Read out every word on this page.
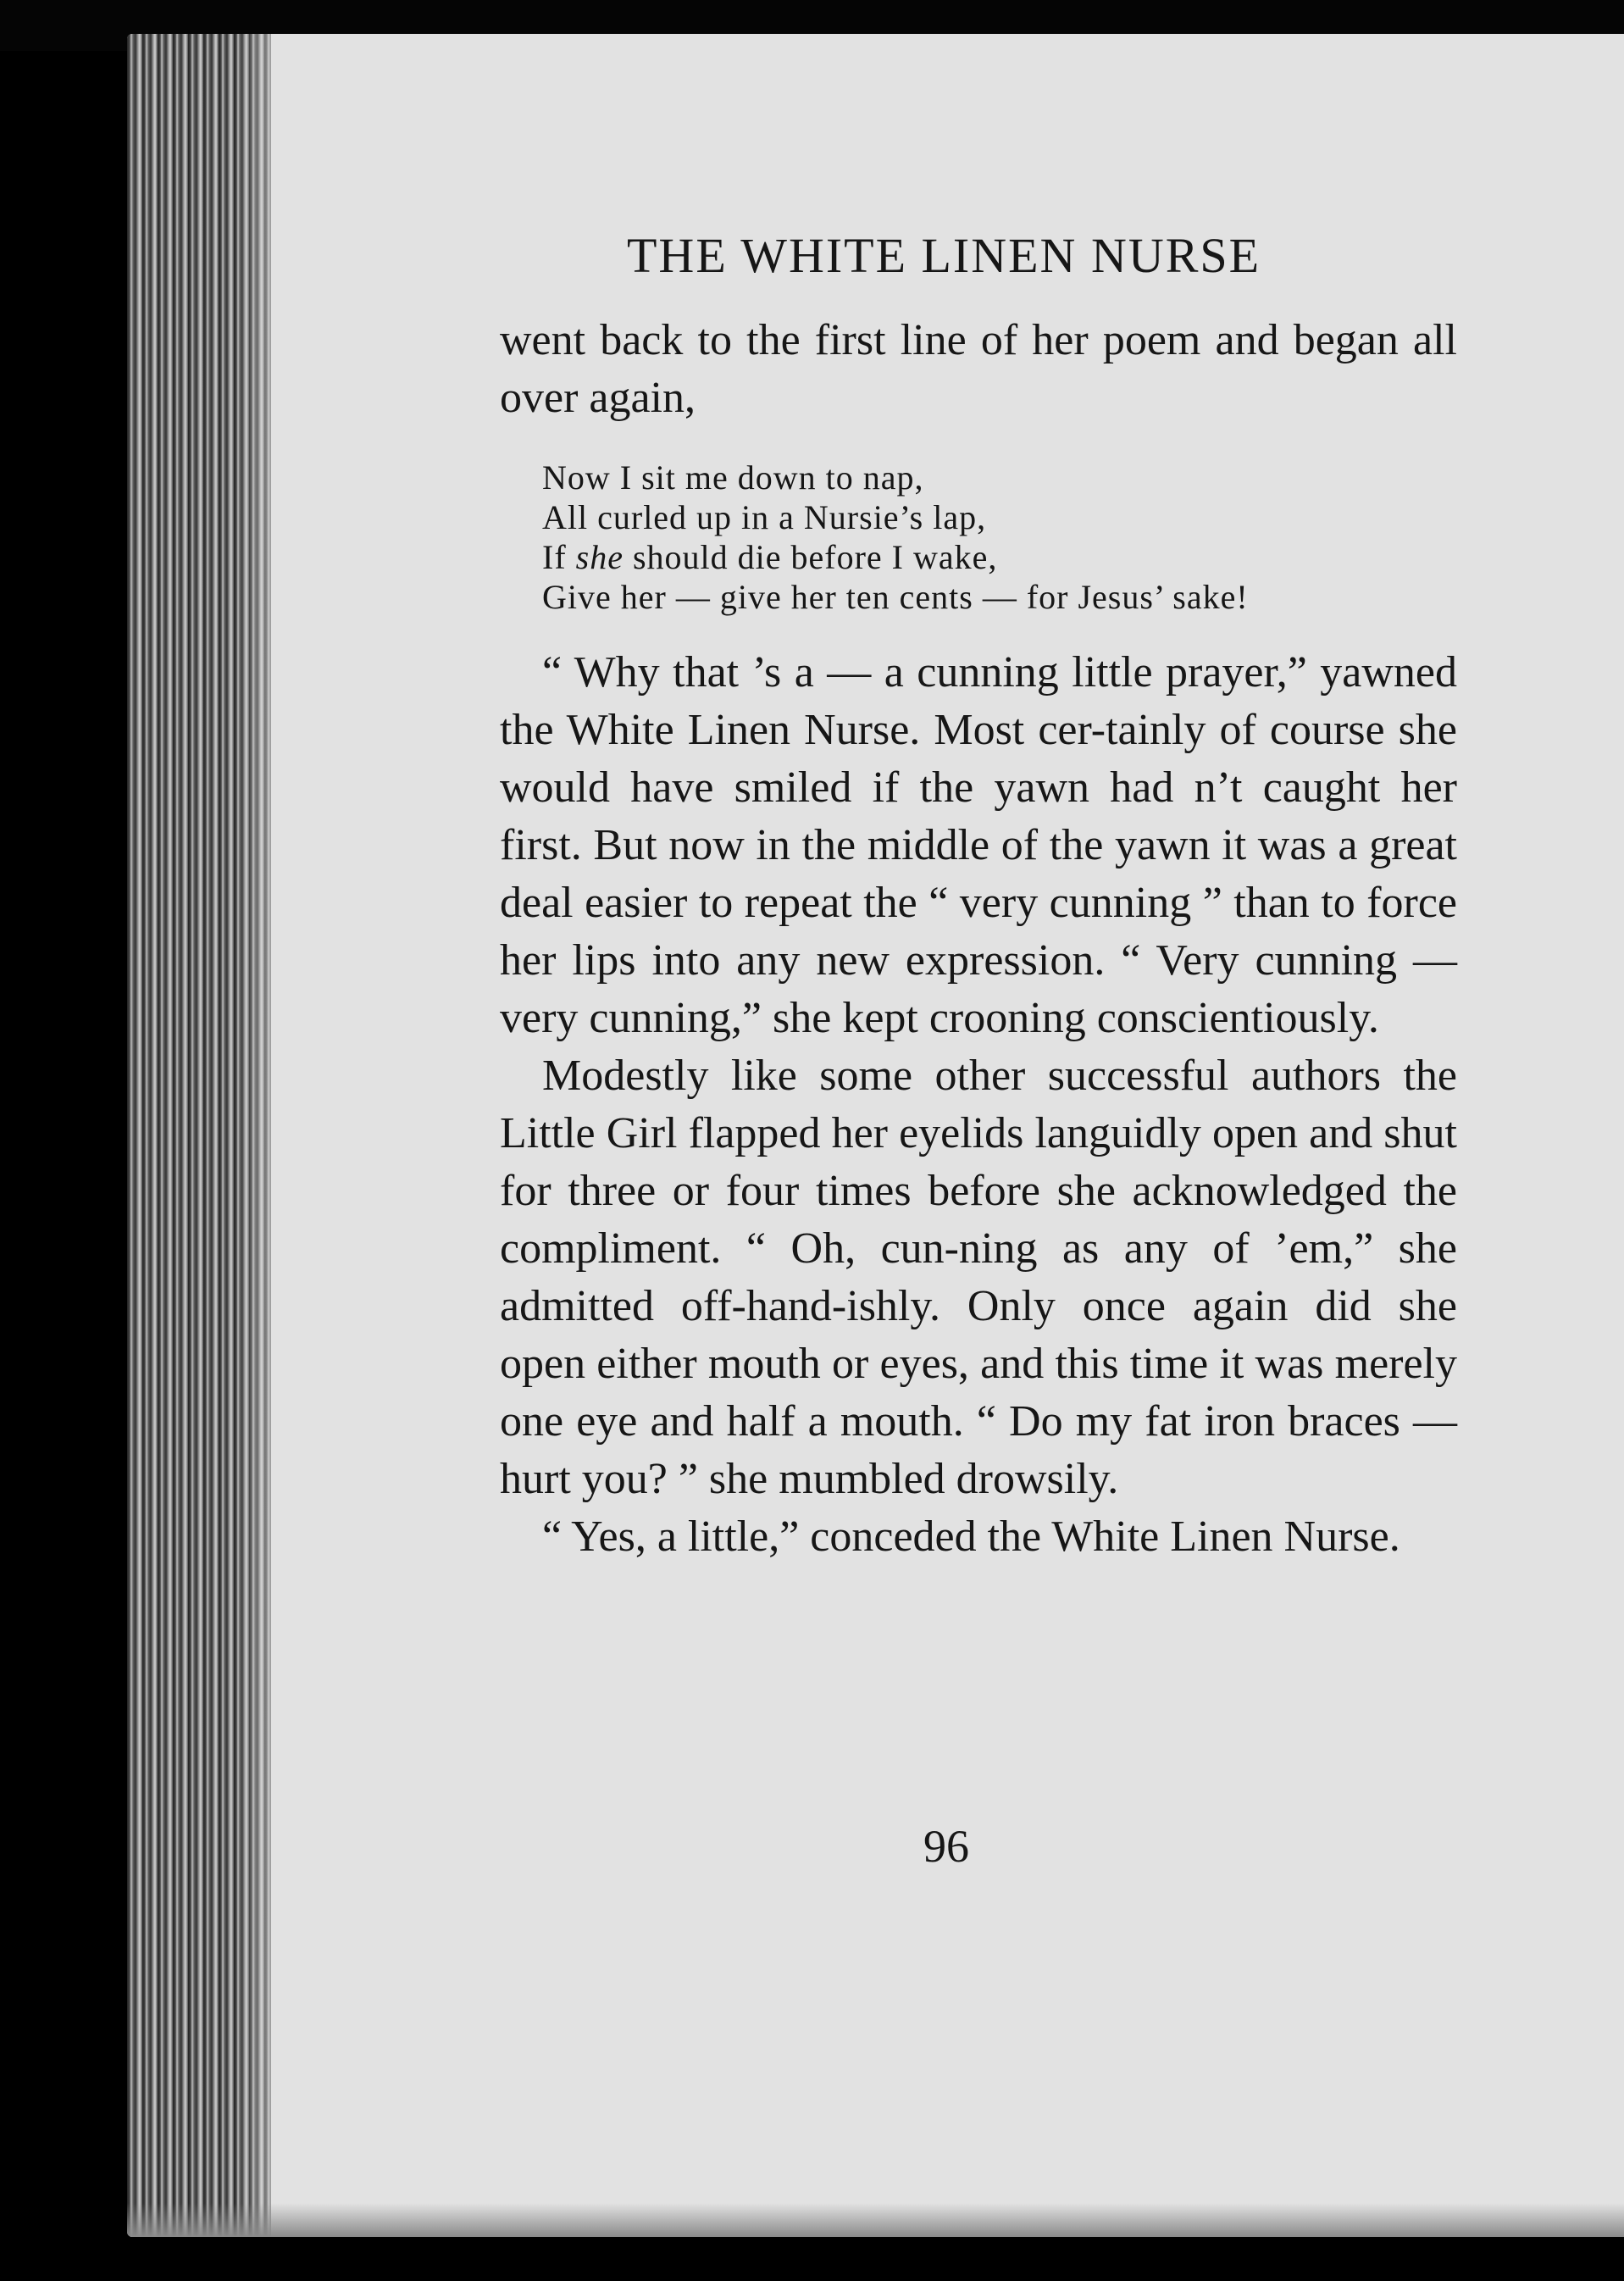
THE WHITE LINEN NURSE

went back to the first line of her poem and began all over again,

Now I sit me down to nap,
All curled up in a Nursie’s lap,
If she should die before I wake,
Give her — give her ten cents — for Jesus’ sake!

“ Why that ’s a — a cunning little prayer,” yawned the White Linen Nurse. Most cer-tainly of course she would have smiled if the yawn had n’t caught her first. But now in the middle of the yawn it was a great deal easier to repeat the “ very cunning ” than to force her lips into any new expression. “ Very cunning — very cunning,” she kept crooning conscientiously.

Modestly like some other successful authors the Little Girl flapped her eyelids languidly open and shut for three or four times before she acknowledged the compliment. “ Oh, cun-ning as any of ’em,” she admitted off-hand-ishly. Only once again did she open either mouth or eyes, and this time it was merely one eye and half a mouth. “ Do my fat iron braces — hurt you? ” she mumbled drowsily.

“ Yes, a little,” conceded the White Linen Nurse.

96
